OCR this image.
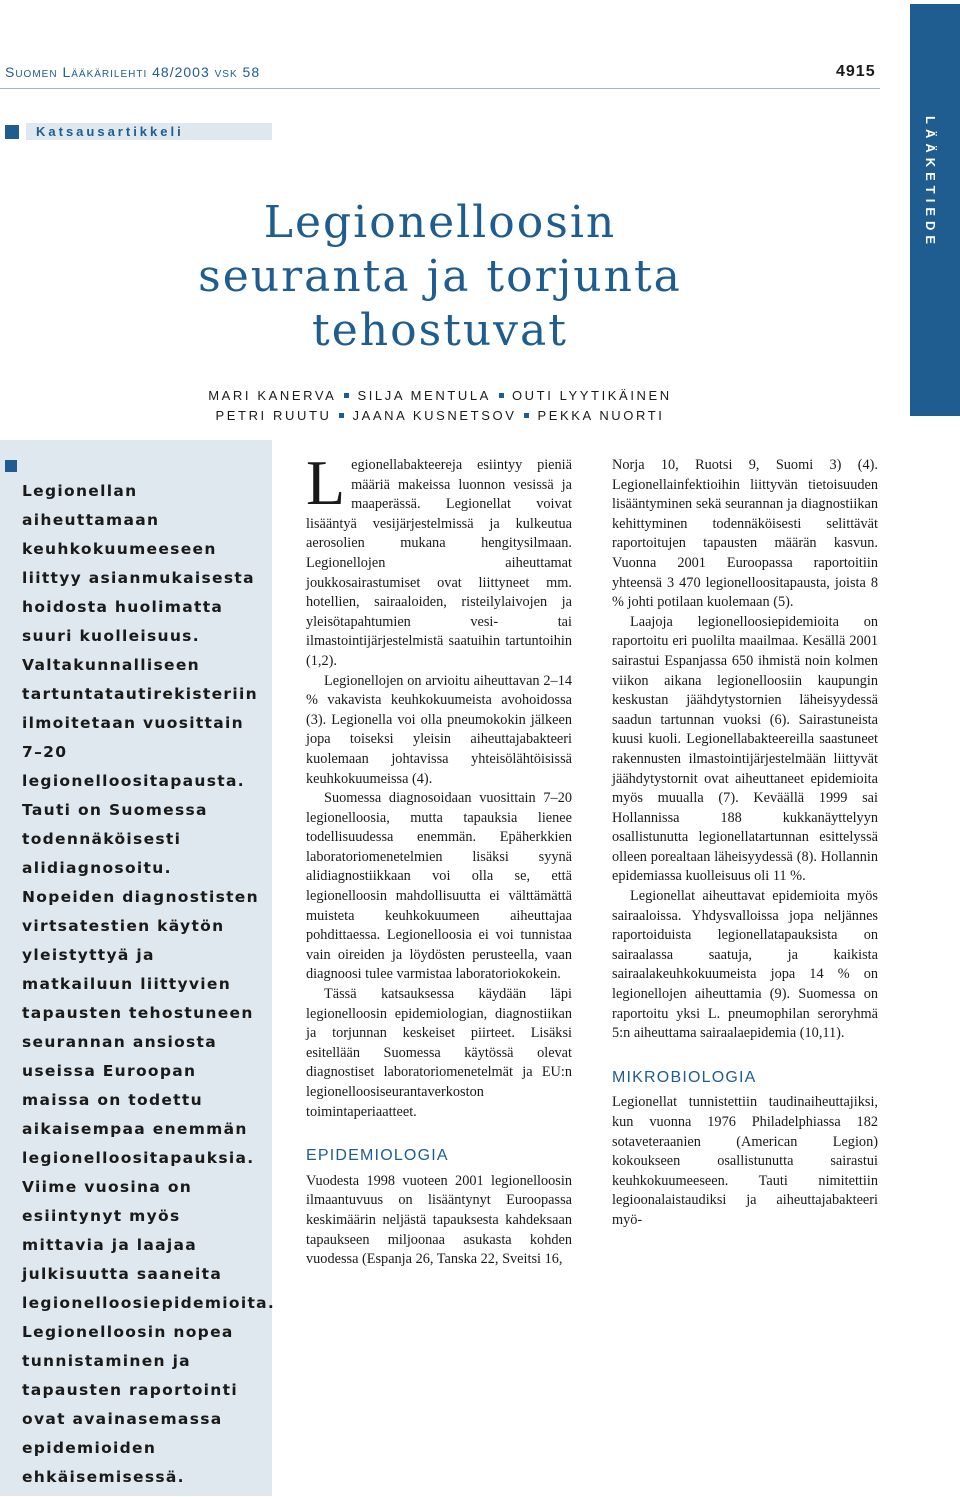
Suomen Lääkärilehti 48/2003 vsk 58	4915
LÄÄKETIEDE
Katsausartikkeli
Legionelloosin
seuranta ja torjunta
tehostuvat
MARI KANERVA SILJA MENTULA OUTI LYYTIKÄINEN
PETRI RUUTU JAANA KUSNETSOV PEKKA NUORTI

Legionellan aiheuttamaan keuhkokuumeeseen liittyy asianmukaisesta hoidosta huolimatta suuri kuolleisuus. Valtakunnalliseen tartuntatautirekisteriin ilmoitetaan vuosittain 7–20 legionelloositapausta. Tauti on Suomessa todennäköisesti alidiagnosoitu. Nopeiden diagnostisten virtsatestien käytön yleistyttyä ja matkailuun liittyvien tapausten tehostuneen seurannan ansiosta useissa Euroopan maissa on todettu aikaisempaa enemmän legionelloositapauksia. Viime vuosina on esiintynyt myös mittavia ja laajaa julkisuutta saaneita legionelloosiepidemioita. Legionelloosin nopea tunnistaminen ja tapausten raportointi ovat avainasemassa epidemioiden ehkäisemisessä.

Legionellabakteereja esiintyy pieniä määriä makeissa luonnon vesissä ja maaperässä. Legionellat voivat lisääntyä vesijärjestelmissä ja kulkeutua aerosolien mukana hengitysilmaan. Legionellojen aiheuttamat joukkosairastumiset ovat liittyneet mm. hotellien, sairaaloiden, risteilylaivojen ja yleisötapahtumien vesi- tai ilmastointijärjestelmistä saatuihin tartuntoihin (1,2).

Legionellojen on arvioitu aiheuttavan 2–14 % vakavista keuhkokuumeista avohoidossa (3). Legionella voi olla pneumokokin jälkeen jopa toiseksi yleisin aiheuttajabakteeri kuolemaan johtavissa yhteisölähtöisissä keuhkokuumeissa (4).

Suomessa diagnosoidaan vuosittain 7–20 legionelloosia, mutta tapauksia lienee todellisuudessa enemmän. Epäherkkien laboratoriomenetelmien lisäksi syynä alidiagnostiikkaan voi olla se, että legionelloosin mahdollisuutta ei välttämättä muisteta keuhkokuumeen aiheuttajaa pohdittaessa. Legionelloosia ei voi tunnistaa vain oireiden ja löydösten perusteella, vaan diagnoosi tulee varmistaa laboratoriokokein.

Tässä katsauksessa käydään läpi legionelloosin epidemiologian, diagnostiikan ja torjunnan keskeiset piirteet. Lisäksi esitellään Suomessa käytössä olevat diagnostiset laboratoriomenetelmät ja EU:n legionelloosiseurantaverkoston toimintaperiaatteet.

EPIDEMIOLOGIA

Vuodesta 1998 vuoteen 2001 legionelloosin ilmaantuvuus on lisääntynyt Euroopassa keskimäärin neljästä tapauksesta kahdeksaan tapaukseen miljoonaa asukasta kohden vuodessa (Espanja 26, Tanska 22, Sveitsi 16,

Norja 10, Ruotsi 9, Suomi 3) (4). Legionellainfektioihin liittyvän tietoisuuden lisääntyminen sekä seurannan ja diagnostiikan kehittyminen todennäköisesti selittävät raportoitujen tapausten määrän kasvun. Vuonna 2001 Euroopassa raportoitiin yhteensä 3 470 legionelloositapausta, joista 8 % johti potilaan kuolemaan (5).

Laajoja legionelloosiepidemioita on raportoitu eri puolilta maailmaa. Kesällä 2001 sairastui Espanjassa 650 ihmistä noin kolmen viikon aikana legionelloosiin kaupungin keskustan jäähdytystornien läheisyydessä saadun tartunnan vuoksi (6). Sairastuneista kuusi kuoli. Legionellabakteereilla saastuneet rakennusten ilmastointijärjestelmään liittyvät jäähdytystornit ovat aiheuttaneet epidemioita myös muualla (7). Keväällä 1999 sai Hollannissa 188 kukkanäyttelyyn osallistunutta legionellatartunnan esittelyssä olleen porealtaan läheisyydessä (8). Hollannin epidemiassa kuolleisuus oli 11 %.

Legionellat aiheuttavat epidemioita myös sairaaloissa. Yhdysvalloissa jopa neljännes raportoiduista legionellatapauksista on sairaalassa saatuja, ja kaikista sairaalakeuhkokuumeista jopa 14 % on legionellojen aiheuttamia (9). Suomessa on raportoitu yksi L. pneumophilan seroryhmä 5:n aiheuttama sairaalaepidemia (10,11).

MIKROBIOLOGIA

Legionellat tunnistettiin taudinaiheuttajiksi, kun vuonna 1976 Philadelphiassa 182 sotaveteraanien (American Legion) kokoukseen osallistunutta sairastui keuhkokuumeeseen. Tauti nimitettiin legioonalaistaudiksi ja aiheuttajabakteeri myö-
